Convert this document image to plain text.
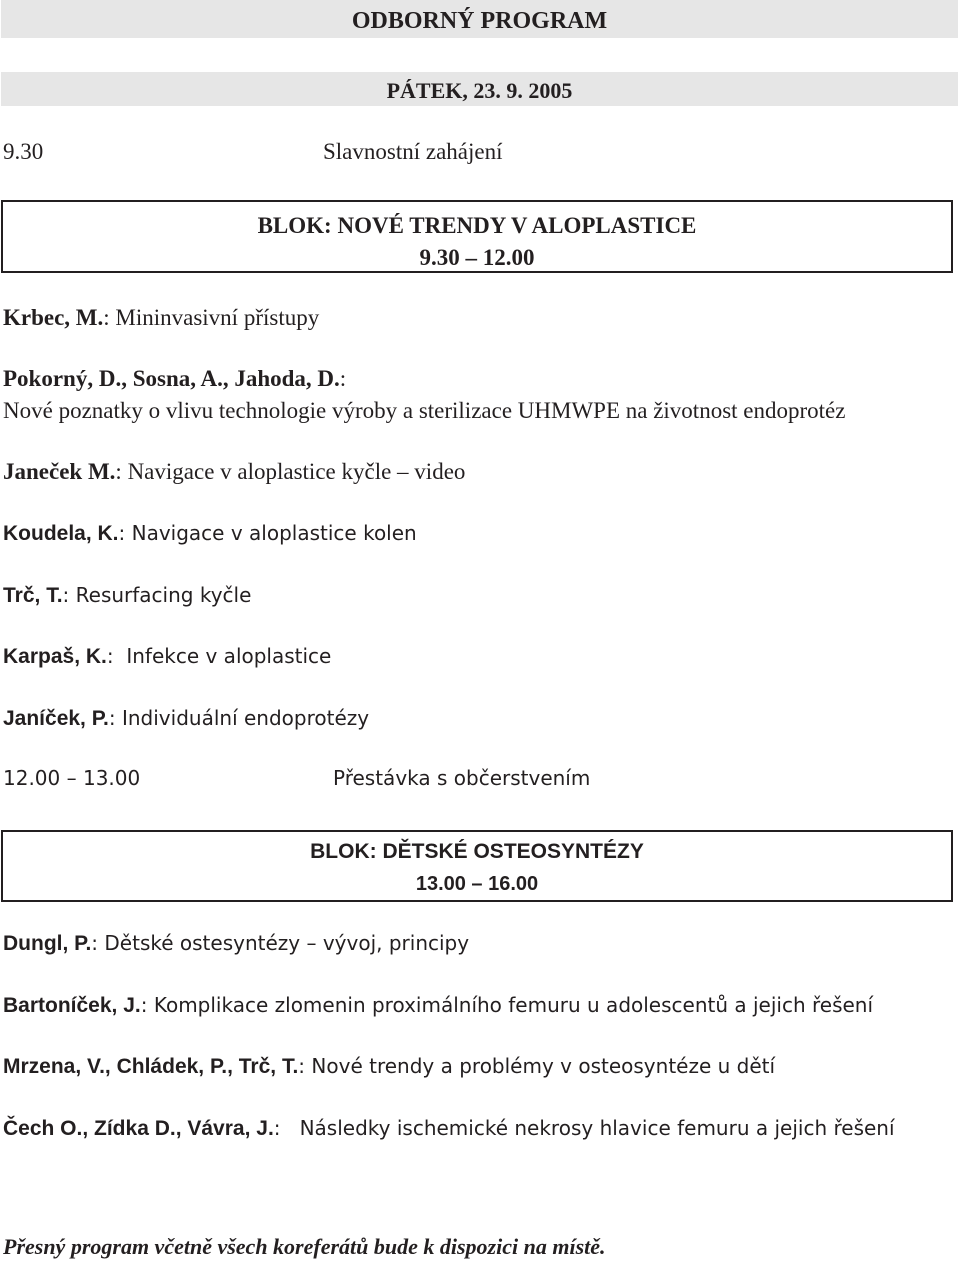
ODBORNÝ PROGRAM
PÁTEK, 23. 9. 2005
9.30	Slavnostní zahájení
BLOK: NOVÉ TRENDY V ALOPLASTICE
9.30 – 12.00
Krbec, M.: Mininvasivní přístupy
Pokorný, D., Sosna, A., Jahoda, D.:
Nové poznatky o vlivu technologie výroby a sterilizace UHMWPE na životnost endoprotéz
Janeček M.: Navigace v aloplastice kyčle – video
Koudela, K.: Navigace v aloplastice kolen
Trč, T.: Resurfacing kyčle
Karpaš, K.:  Infekce v aloplastice
Janíček, P.: Individuální endoprotézy
12.00 – 13.00	Přestávka s občerstvením
BLOK: DĚTSKÉ OSTEOSYNTÉZY
13.00 – 16.00
Dungl, P.: Dětské ostesyntézy – vývoj, principy
Bartoníček, J.: Komplikace zlomenin proximálního femuru u adolescentů a jejich řešení
Mrzena, V., Chládek, P., Trč, T.: Nové trendy a problémy v osteosyntéze u dětí
Čech O., Zídka D., Vávra, J.:   Následky ischemické nekrosy hlavice femuru a jejich řešení
Přesný program včetně všech koreferátů bude k dispozici na místě.
